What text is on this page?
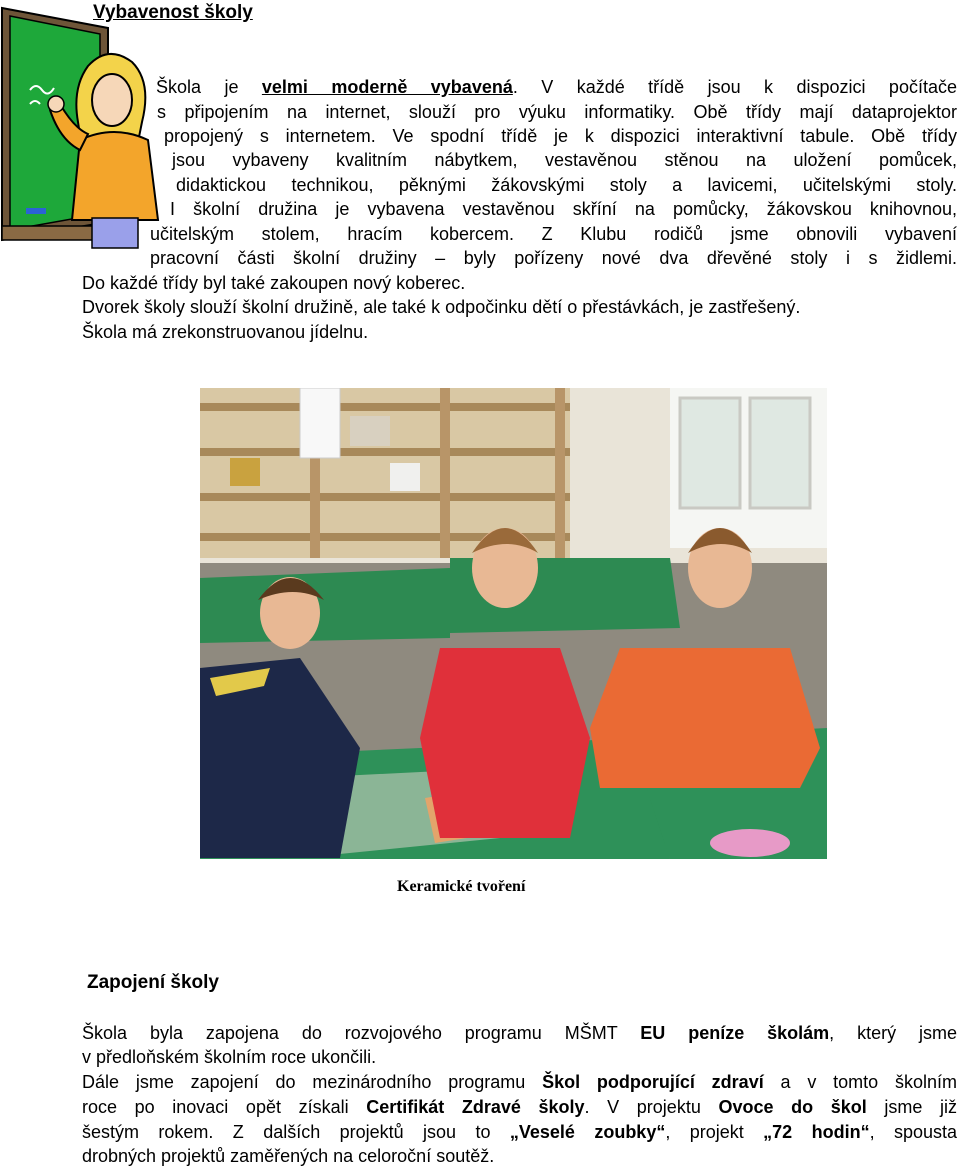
Vybavenost školy
Škola je velmi moderně vybavená. V každé třídě jsou k dispozici počítače
s připojením na internet, slouží pro výuku informatiky. Obě třídy mají dataprojektor
propojený s internetem. Ve spodní třídě je k dispozici interaktivní tabule. Obě třídy
jsou vybaveny kvalitním nábytkem, vestavěnou stěnou na uložení pomůcek,
didaktickou technikou, pěknými žákovskými stoly a lavicemi, učitelskými stoly.
I školní družina je vybavena vestavěnou skříní na pomůcky, žákovskou knihovnou,
učitelským stolem, hracím kobercem. Z Klubu rodičů jsme obnovili vybavení
pracovní části školní družiny – byly pořízeny nové dva dřevěné stoly i s židlemi.
Do každé třídy byl také zakoupen nový koberec.
Dvorek školy slouží školní družině, ale také k odpočinku dětí o přestávkách, je zastřešený.
Škola má zrekonstruovanou jídelnu.
Keramické tvoření
Zapojení školy
Škola byla zapojena do rozvojového programu MŠMT EU peníze školám, který jsme
v předloňském školním roce ukončili.
Dále jsme zapojení do mezinárodního programu Škol podporující zdraví a v tomto školním
roce po inovaci opět získali Certifikát Zdravé školy. V projektu Ovoce do škol jsme již
šestým rokem. Z dalších projektů jsou to „Veselé zoubky“, projekt „72 hodin“, spousta
drobných projektů zaměřených na celoroční soutěž.
